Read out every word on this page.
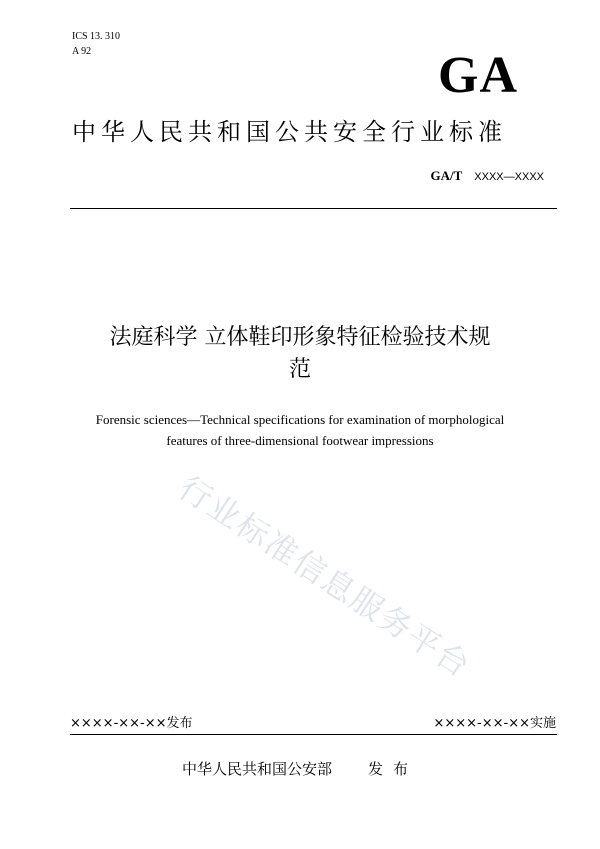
ICS 13. 310
A 92	GA
中华人民共和国公共安全行业标准
GA/T XXXX—XXXX
法庭科学 立体鞋印形象特征检验技术规
范
Forensic sciences—Technical specifications for examination of morphological
features of three-dimensional footwear impressions
行业标准信息服务平台
××××-××-××发布	××××-××-××实施
中华人民共和国公安部 发布
